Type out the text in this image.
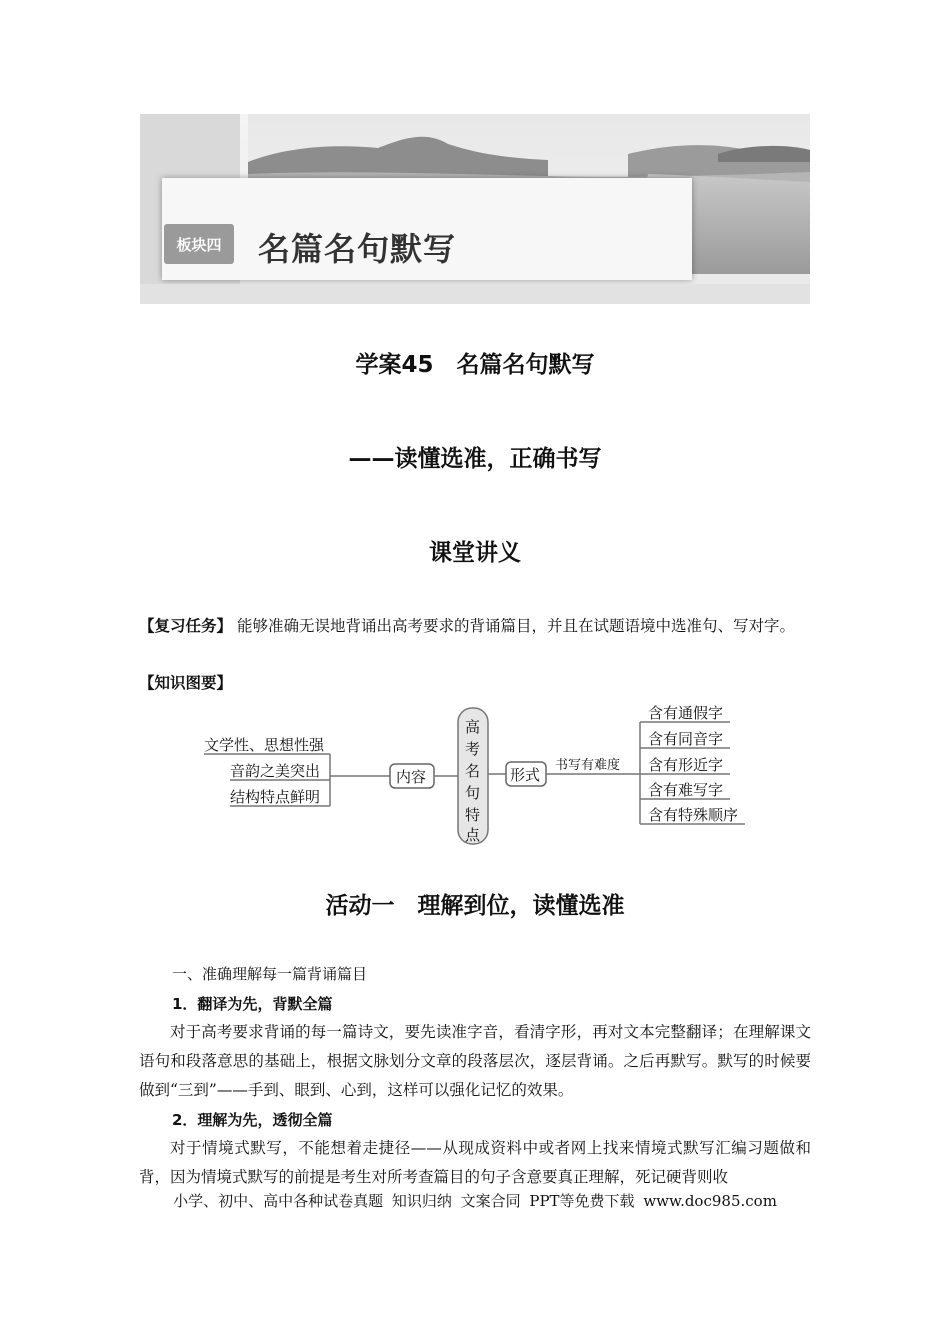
板块四	名篇名句默写
学案45　名篇名句默写
——读懂选准，正确书写
课堂讲义
【复习任务】 能够准确无误地背诵出高考要求的背诵篇目，并且在试题语境中选准句、写对字。
【知识图要】
文学性、思想性强
音韵之美突出
结构特点鲜明
内容
高
考
名
句
特
点
形式
书写有难度
含有通假字
含有同音字
含有形近字
含有难写字
含有特殊顺序
活动一　理解到位，读懂选准
一、准确理解每一篇背诵篇目
1．翻译为先，背默全篇
对于高考要求背诵的每一篇诗文，要先读准字音，看清字形，再对文本完整翻译；在理解课文语句和段落意思的基础上，根据文脉划分文章的段落层次，逐层背诵。之后再默写。默写的时候要做到“三到”——手到、眼到、心到，这样可以强化记忆的效果。
2．理解为先，透彻全篇
对于情境式默写，不能想着走捷径——从现成资料中或者网上找来情境式默写汇编习题做和背，因为情境式默写的前提是考生对所考查篇目的句子含意要真正理解，死记硬背则收
小学、初中、高中各种试卷真题 知识归纳 文案合同 PPT等免费下载 www.doc985.com
